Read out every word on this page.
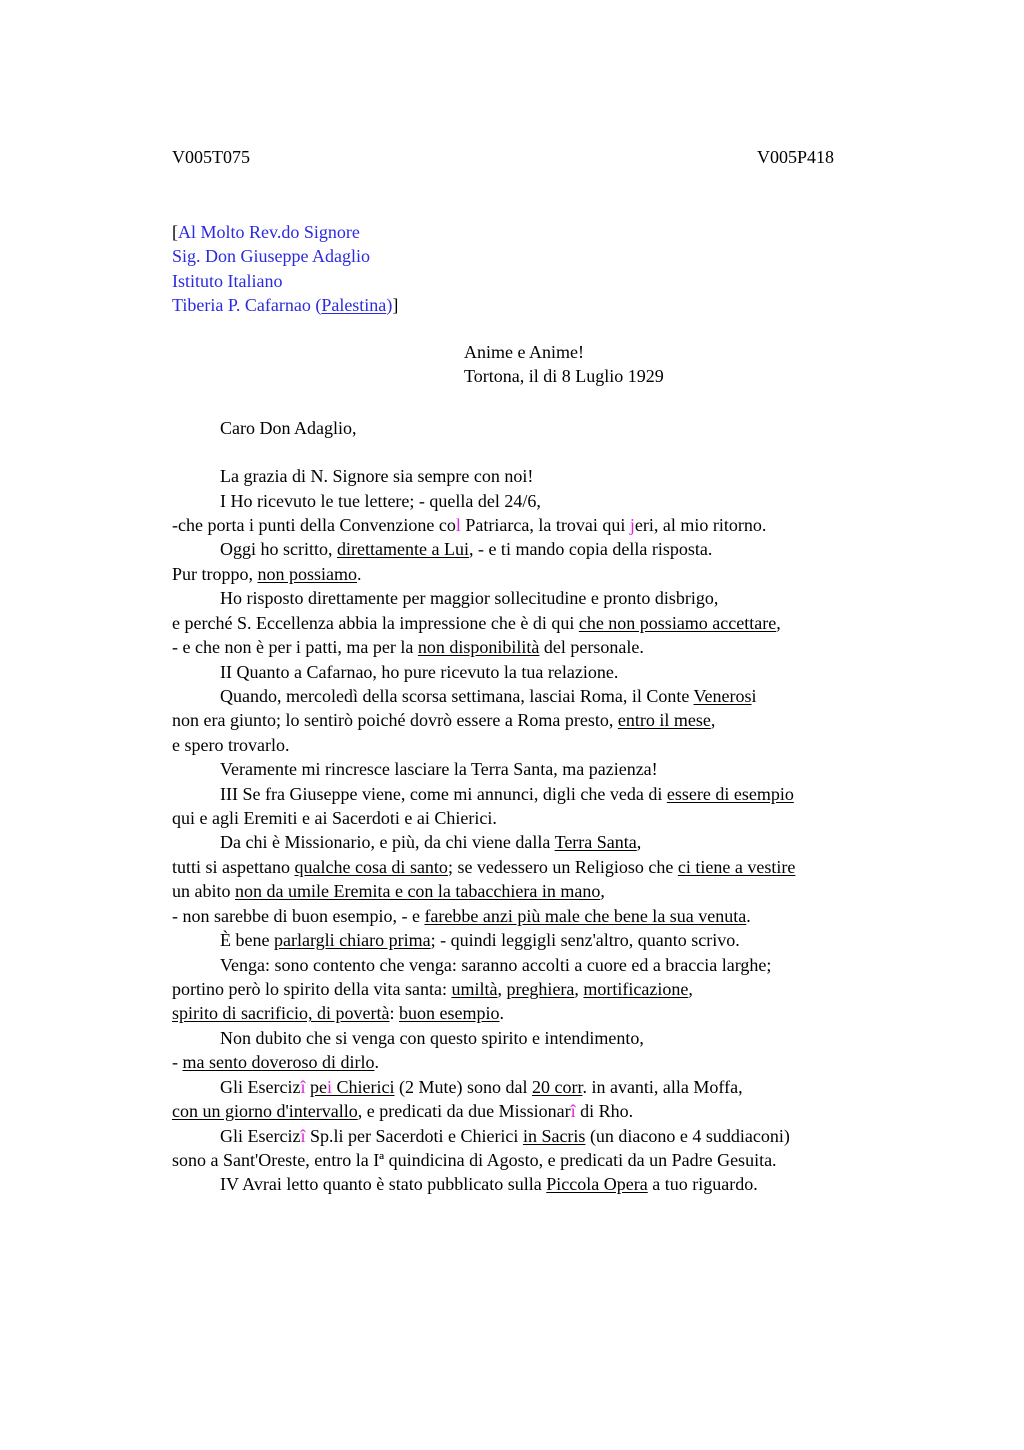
V005T075	V005P418
[Al Molto Rev.do Signore
Sig. Don Giuseppe Adaglio
Istituto Italiano
Tiberia P. Cafarnao (Palestina)]
Anime e Anime!
Tortona, il di 8 Luglio 1929
Caro Don Adaglio,
La grazia di N. Signore sia sempre con noi!
I Ho ricevuto le tue lettere; - quella del 24/6,
-che porta i punti della Convenzione col Patriarca, la trovai qui jeri, al mio ritorno.
Oggi ho scritto, direttamente a Lui, - e ti mando copia della risposta.
Pur troppo, non possiamo.
Ho risposto direttamente per maggior sollecitudine e pronto disbrigo,
e perché S. Eccellenza abbia la impressione che è di qui che non possiamo accettare,
- e che non è per i patti, ma per la non disponibilità del personale.
II Quanto a Cafarnao, ho pure ricevuto la tua relazione.
Quando, mercoledì della scorsa settimana, lasciai Roma, il Conte Venerosi
non era giunto; lo sentirò poiché dovrò essere a Roma presto, entro il mese,
e spero trovarlo.
Veramente mi rincresce lasciare la Terra Santa, ma pazienza!
III Se fra Giuseppe viene, come mi annunci, digli che veda di essere di esempio
qui e agli Eremiti e ai Sacerdoti e ai Chierici.
Da chi è Missionario, e più, da chi viene dalla Terra Santa,
tutti si aspettano qualche cosa di santo; se vedessero un Religioso che ci tiene a vestire
un abito non da umile Eremita e con la tabacchiera in mano,
- non sarebbe di buon esempio, - e farebbe anzi più male che bene la sua venuta.
È bene parlargli chiaro prima; - quindi leggigli senz'altro, quanto scrivo.
Venga: sono contento che venga: saranno accolti a cuore ed a braccia larghe;
portino però lo spirito della vita santa: umiltà, preghiera, mortificazione,
spirito di sacrificio, di povertà: buon esempio.
Non dubito che si venga con questo spirito e intendimento,
- ma sento doveroso di dirlo.
Gli Esercizî pei Chierici (2 Mute) sono dal 20 corr. in avanti, alla Moffa,
con un giorno d'intervallo, e predicati da due Missionarî di Rho.
Gli Esercizî Sp.li per Sacerdoti e Chierici in Sacris (un diacono e 4 suddiaconi)
sono a Sant'Oreste, entro la Iª quindicina di Agosto, e predicati da un Padre Gesuita.
IV Avrai letto quanto è stato pubblicato sulla Piccola Opera a tuo riguardo.
